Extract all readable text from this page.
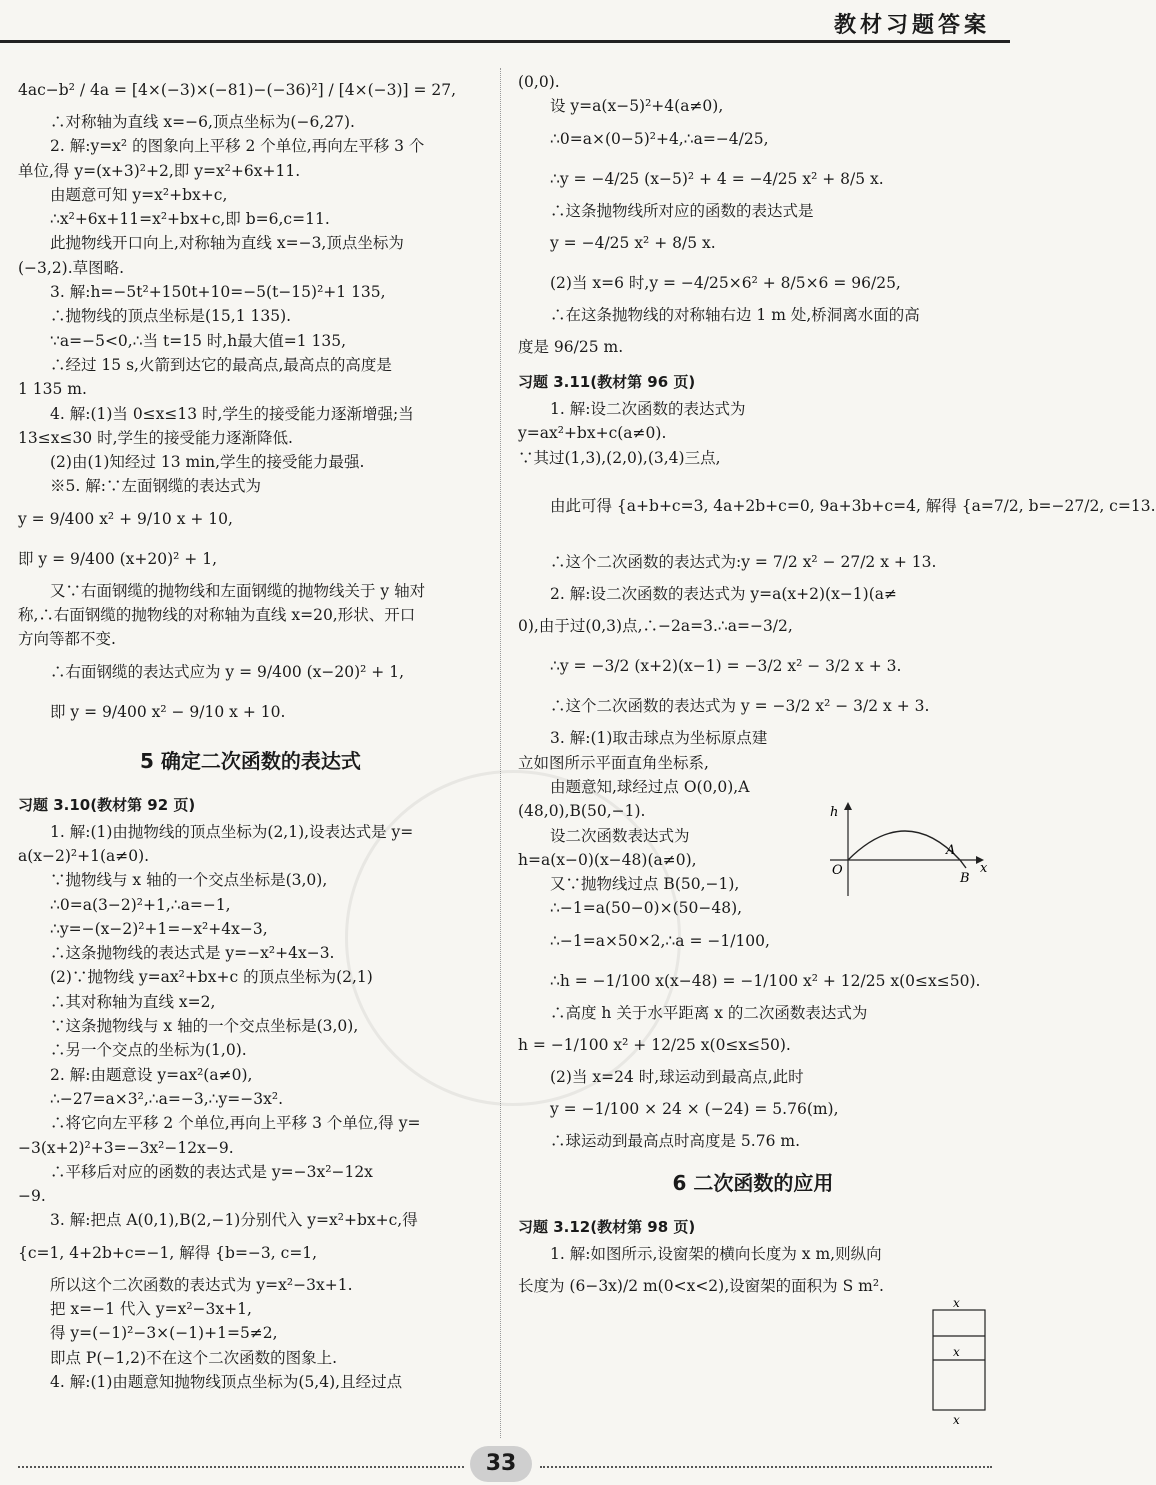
教材习题答案
4ac−b² / 4a = [4×(−3)×(−81)−(−36)²] / [4×(−3)] = 27,
∴对称轴为直线 x=−6,顶点坐标为(−6,27).
2. 解:y=x² 的图象向上平移 2 个单位,再向左平移 3 个
单位,得 y=(x+3)²+2,即 y=x²+6x+11.
由题意可知 y=x²+bx+c,
∴x²+6x+11=x²+bx+c,即 b=6,c=11.
此抛物线开口向上,对称轴为直线 x=−3,顶点坐标为
(−3,2).草图略.
3. 解:h=−5t²+150t+10=−5(t−15)²+1 135,
∴抛物线的顶点坐标是(15,1 135).
∵a=−5<0,∴当 t=15 时,h最大值=1 135,
∴经过 15 s,火箭到达它的最高点,最高点的高度是
1 135 m.
4. 解:(1)当 0≤x≤13 时,学生的接受能力逐渐增强;当
13≤x≤30 时,学生的接受能力逐渐降低.
(2)由(1)知经过 13 min,学生的接受能力最强.
※5. 解:∵左面钢缆的表达式为
y = 9/400 x² + 9/10 x + 10,
即 y = 9/400 (x+20)² + 1,
又∵右面钢缆的抛物线和左面钢缆的抛物线关于 y 轴对
称,∴右面钢缆的抛物线的对称轴为直线 x=20,形状、开口
方向等都不变.
∴右面钢缆的表达式应为 y = 9/400 (x−20)² + 1,
即 y = 9/400 x² − 9/10 x + 10.
5 确定二次函数的表达式
习题 3.10(教材第 92 页)
1. 解:(1)由抛物线的顶点坐标为(2,1),设表达式是 y=
a(x−2)²+1(a≠0).
∵抛物线与 x 轴的一个交点坐标是(3,0),
∴0=a(3−2)²+1,∴a=−1,
∴y=−(x−2)²+1=−x²+4x−3,
∴这条抛物线的表达式是 y=−x²+4x−3.
(2)∵抛物线 y=ax²+bx+c 的顶点坐标为(2,1)
∴其对称轴为直线 x=2,
∵这条抛物线与 x 轴的一个交点坐标是(3,0),
∴另一个交点的坐标为(1,0).
2. 解:由题意设 y=ax²(a≠0),
∴−27=a×3²,∴a=−3,∴y=−3x².
∴将它向左平移 2 个单位,再向上平移 3 个单位,得 y=
−3(x+2)²+3=−3x²−12x−9.
∴平移后对应的函数的表达式是 y=−3x²−12x
−9.
3. 解:把点 A(0,1),B(2,−1)分别代入 y=x²+bx+c,得
{c=1, 4+2b+c=−1, 解得 {b=−3, c=1,
所以这个二次函数的表达式为 y=x²−3x+1.
把 x=−1 代入 y=x²−3x+1,
得 y=(−1)²−3×(−1)+1=5≠2,
即点 P(−1,2)不在这个二次函数的图象上.
4. 解:(1)由题意知抛物线顶点坐标为(5,4),且经过点
(0,0).
设 y=a(x−5)²+4(a≠0),
∴0=a×(0−5)²+4,∴a=−4/25,
∴y = −4/25 (x−5)² + 4 = −4/25 x² + 8/5 x.
∴这条抛物线所对应的函数的表达式是
y = −4/25 x² + 8/5 x.
(2)当 x=6 时,y = −4/25×6² + 8/5×6 = 96/25,
∴在这条抛物线的对称轴右边 1 m 处,桥洞离水面的高
度是 96/25 m.
习题 3.11(教材第 96 页)
1. 解:设二次函数的表达式为
y=ax²+bx+c(a≠0).
∵其过(1,3),(2,0),(3,4)三点,
由此可得 {a+b+c=3, 4a+2b+c=0, 9a+3b+c=4, 解得 {a=7/2, b=−27/2, c=13.
∴这个二次函数的表达式为:y = 7/2 x² − 27/2 x + 13.
2. 解:设二次函数的表达式为 y=a(x+2)(x−1)(a≠
0),由于过(0,3)点,∴−2a=3.∴a=−3/2,
∴y = −3/2 (x+2)(x−1) = −3/2 x² − 3/2 x + 3.
∴这个二次函数的表达式为 y = −3/2 x² − 3/2 x + 3.
3. 解:(1)取击球点为坐标原点建
立如图所示平面直角坐标系,
由题意知,球经过点 O(0,0),A
(48,0),B(50,−1).
设二次函数表达式为
h=a(x−0)(x−48)(a≠0),
又∵抛物线过点 B(50,−1),
∴−1=a(50−0)×(50−48),
∴−1=a×50×2,∴a = −1/100,
∴h = −1/100 x(x−48) = −1/100 x² + 12/25 x(0≤x≤50).
∴高度 h 关于水平距离 x 的二次函数表达式为
h = −1/100 x² + 12/25 x(0≤x≤50).
(2)当 x=24 时,球运动到最高点,此时
y = −1/100 × 24 × (−24) = 5.76(m),
∴球运动到最高点时高度是 5.76 m.
6 二次函数的应用
习题 3.12(教材第 98 页)
1. 解:如图所示,设窗架的横向长度为 x m,则纵向
长度为 (6−3x)/2 m(0<x<2),设窗架的面积为 S m².
h
x
O
A
B
x
x
x
33
